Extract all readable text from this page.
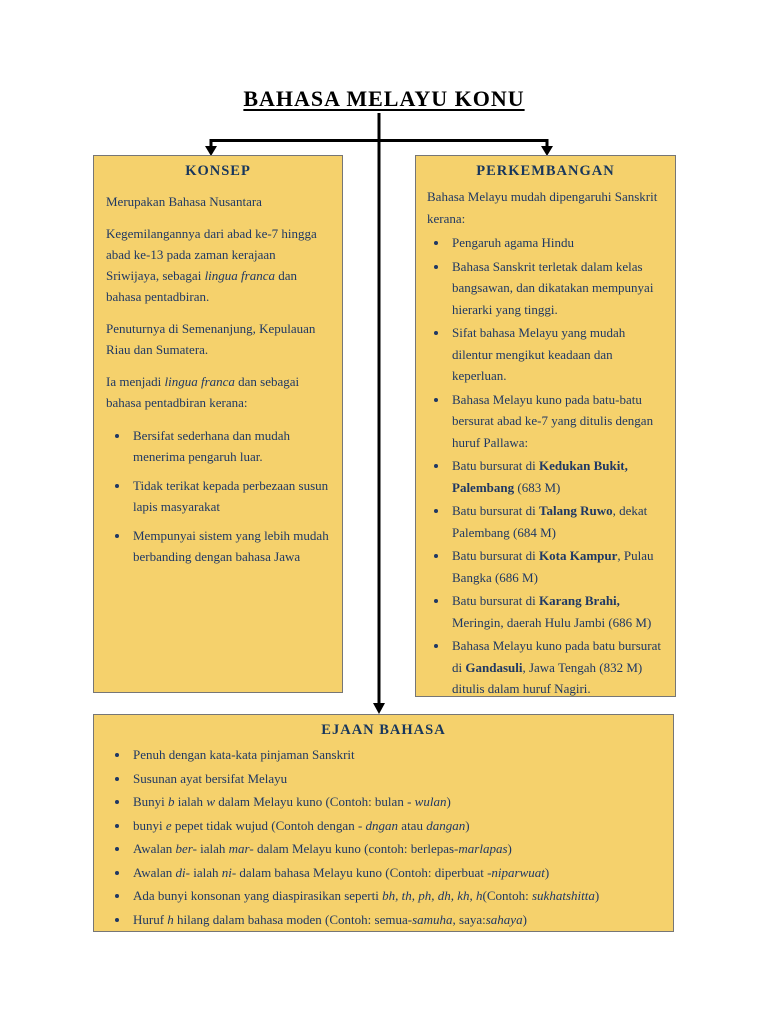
BAHASA MELAYU KONU
KONSEP

Merupakan Bahasa Nusantara

Kegemilangannya dari abad ke-7 hingga abad ke-13 pada zaman kerajaan Sriwijaya, sebagai lingua franca dan bahasa pentadbiran.

Penuturnya di Semenanjung, Kepulauan Riau dan Sumatera.

Ia menjadi lingua franca dan sebagai bahasa pentadbiran kerana:

• Bersifat sederhana dan mudah menerima pengaruh luar.
• Tidak terikat kepada perbezaan susun lapis masyarakat
• Mempunyai sistem yang lebih mudah berbanding dengan bahasa Jawa
PERKEMBANGAN

Bahasa Melayu mudah dipengaruhi Sanskrit kerana:

• Pengaruh agama Hindu
• Bahasa Sanskrit terletak dalam kelas bangsawan, dan dikatakan mempunyai hierarki yang tinggi.
• Sifat bahasa Melayu yang mudah dilentur mengikut keadaan dan keperluan.
• Bahasa Melayu kuno pada batu-batu bersurat abad ke-7 yang ditulis dengan huruf Pallawa:
• Batu bursurat di Kedukan Bukit, Palembang (683 M)
• Batu bursurat di Talang Ruwo, dekat Palembang (684 M)
• Batu bursurat di Kota Kampur, Pulau Bangka (686 M)
• Batu bursurat di Karang Brahi, Meringin, daerah Hulu Jambi (686 M)
• Bahasa Melayu kuno pada batu bursurat di Gandasuli, Jawa Tengah (832 M) ditulis dalam huruf Nagiri.
EJAAN BAHASA
• Penuh dengan kata-kata pinjaman Sanskrit
• Susunan ayat bersifat Melayu
• Bunyi b ialah w dalam Melayu kuno (Contoh: bulan - wulan)
• bunyi e pepet tidak wujud (Contoh dengan - dngan atau dangan)
• Awalan ber- ialah mar- dalam Melayu kuno (contoh: berlepas-marlapas)
• Awalan di- ialah ni- dalam bahasa Melayu kuno (Contoh: diperbuat -niparwuat)
• Ada bunyi konsonan yang diaspirasikan seperti bh, th, ph, dh, kh, h(Contoh: sukhatshitta)
• Huruf h hilang dalam bahasa moden (Contoh: semua-samuha, saya:sahaya)
